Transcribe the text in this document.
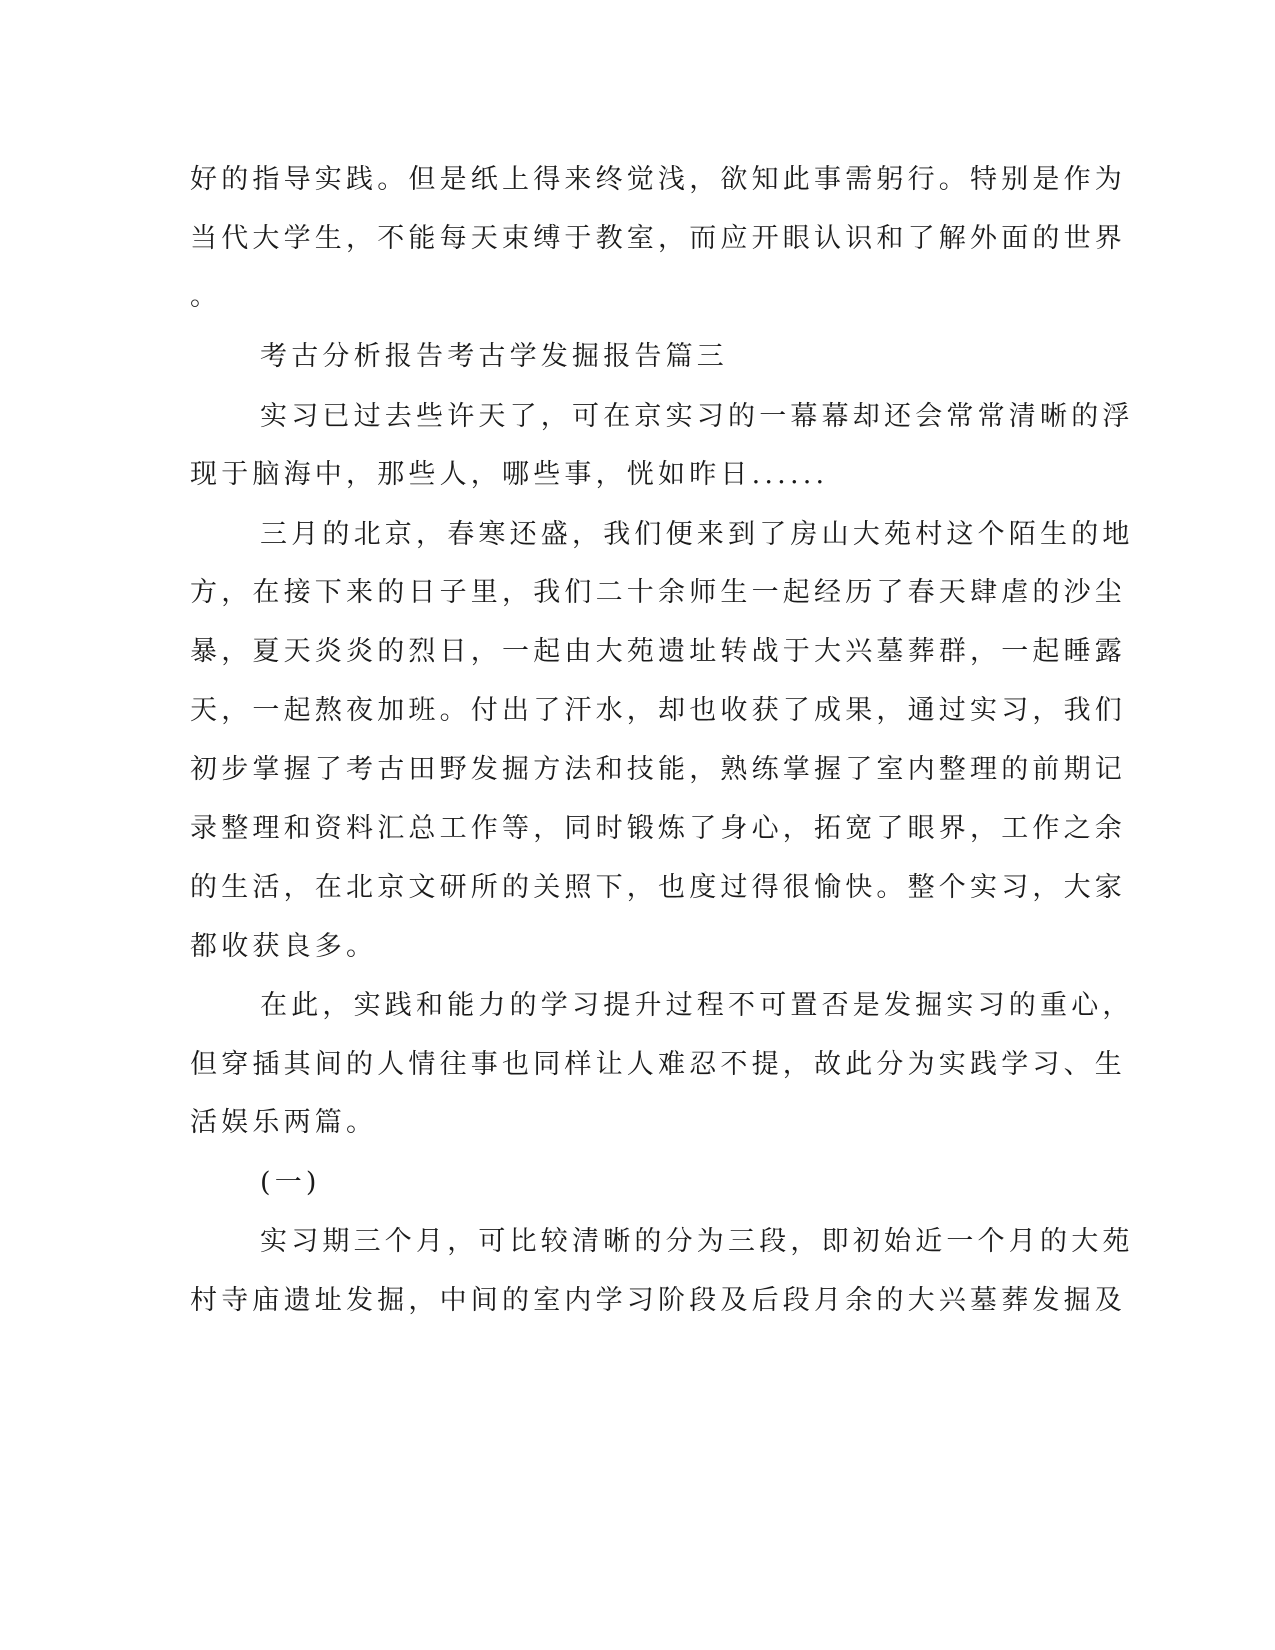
好的指导实践。但是纸上得来终觉浅，欲知此事需躬行。特别是作为
当代大学生，不能每天束缚于教室，而应开眼认识和了解外面的世界
。
考古分析报告考古学发掘报告篇三
实习已过去些许天了，可在京实习的一幕幕却还会常常清晰的浮
现于脑海中，那些人，哪些事，恍如昨日......
三月的北京，春寒还盛，我们便来到了房山大苑村这个陌生的地
方，在接下来的日子里，我们二十余师生一起经历了春天肆虐的沙尘
暴，夏天炎炎的烈日，一起由大苑遗址转战于大兴墓葬群，一起睡露
天，一起熬夜加班。付出了汗水，却也收获了成果，通过实习，我们
初步掌握了考古田野发掘方法和技能，熟练掌握了室内整理的前期记
录整理和资料汇总工作等，同时锻炼了身心，拓宽了眼界，工作之余
的生活，在北京文研所的关照下，也度过得很愉快。整个实习，大家
都收获良多。
在此，实践和能力的学习提升过程不可置否是发掘实习的重心，
但穿插其间的人情往事也同样让人难忍不提，故此分为实践学习、生
活娱乐两篇。
(一)
实习期三个月，可比较清晰的分为三段，即初始近一个月的大苑
村寺庙遗址发掘，中间的室内学习阶段及后段月余的大兴墓葬发掘及
